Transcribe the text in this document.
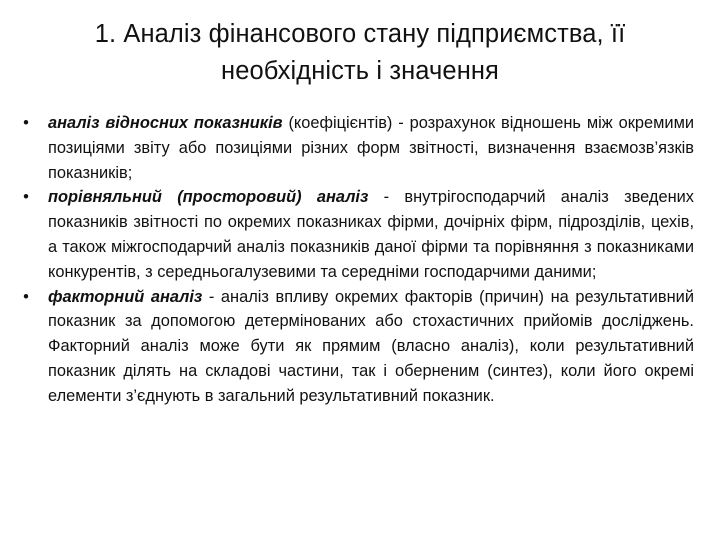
1. Аналіз фінансового стану підприємства, її
необхідність і значення
•	аналіз відносних показників (коефіцієнтів) - розрахунок відношень між окремими позиціями звіту або позиціями різних форм звітності, визначення взаємозв’язків показників;
•	порівняльний (просторовий) аналіз - внутрігосподарчий аналіз зведених показників звітності по окремих показниках фірми, дочірніх фірм, підрозділів, цехів, а також міжгосподарчий аналіз показників даної фірми та порівняння з показниками конкурентів, з середньогалузевими та середніми господарчими даними;
•	факторний аналіз - аналіз впливу окремих факторів (причин) на результативний показник за допомогою детермінованих або стохастичних прийомів досліджень. Факторний аналіз може бути як прямим (власно аналіз), коли результативний показник ділять на складові частини, так і оберненим (синтез), коли його окремі елементи з’єднують в загальний результативний показник.
